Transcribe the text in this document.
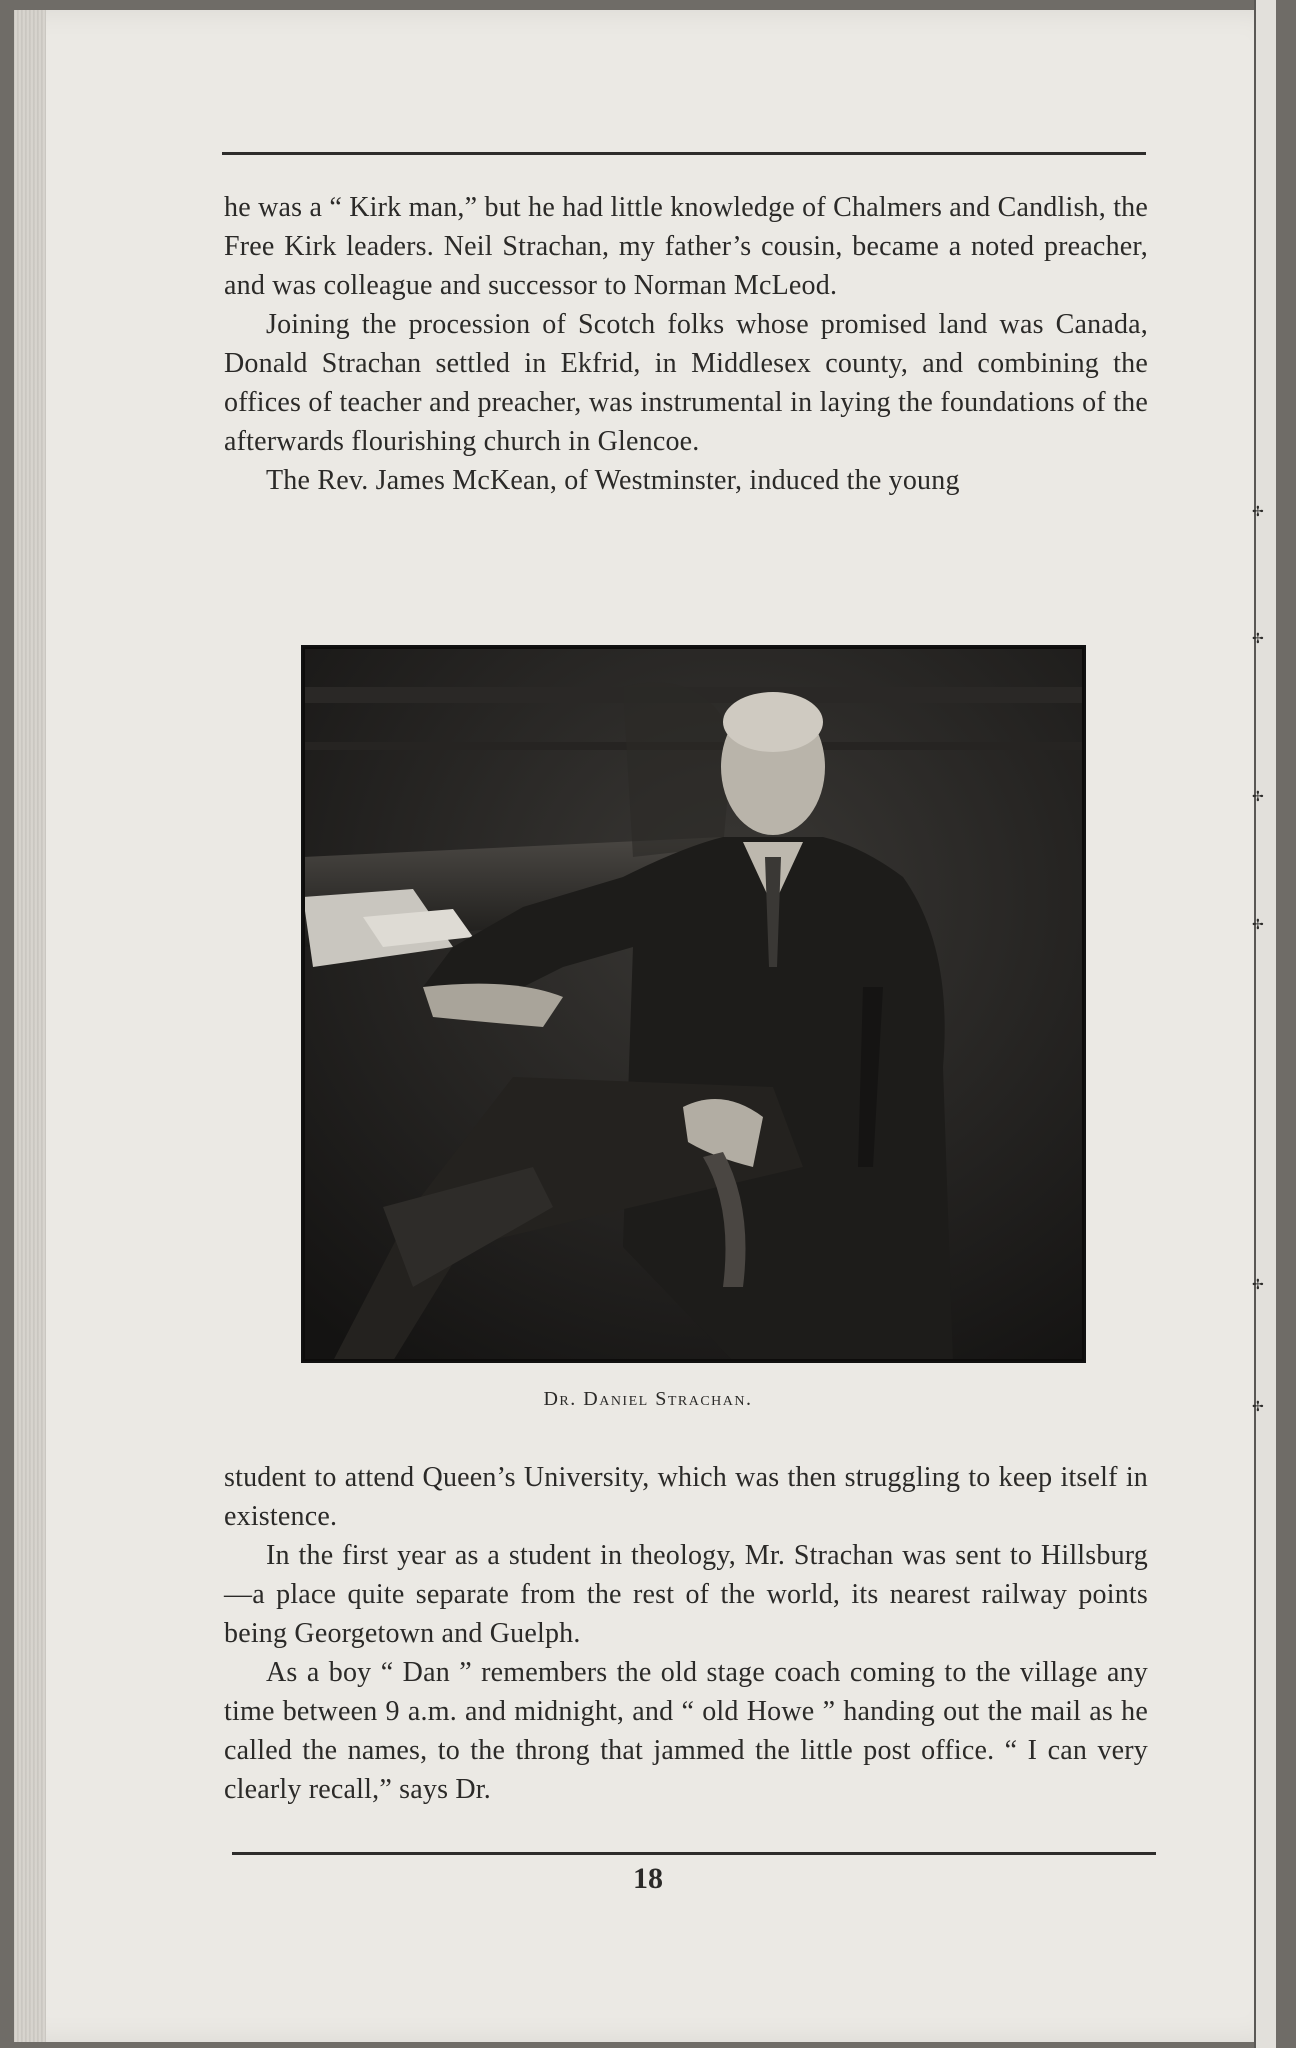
✢
✢
✢
✢
✢
✢

he was a “ Kirk man,” but he had little knowledge of Chalmers and Candlish, the Free Kirk leaders. Neil Strachan, my father’s cousin, became a noted preacher, and was colleague and successor to Norman McLeod.

Joining the procession of Scotch folks whose promised land was Canada, Donald Strachan settled in Ekfrid, in Middlesex county, and combining the offices of teacher and preacher, was instrumental in laying the foundations of the afterwards flourishing church in Glencoe.

The Rev. James McKean, of Westminster, induced the young

Dr. Daniel Strachan.

student to attend Queen’s University, which was then struggling to keep itself in existence.

In the first year as a student in theology, Mr. Strachan was sent to Hillsburg—a place quite separate from the rest of the world, its nearest railway points being Georgetown and Guelph.

As a boy “ Dan ” remembers the old stage coach coming to the village any time between 9 a.m. and midnight, and “ old Howe ” handing out the mail as he called the names, to the throng that jammed the little post office. “ I can very clearly recall,” says Dr.

18
